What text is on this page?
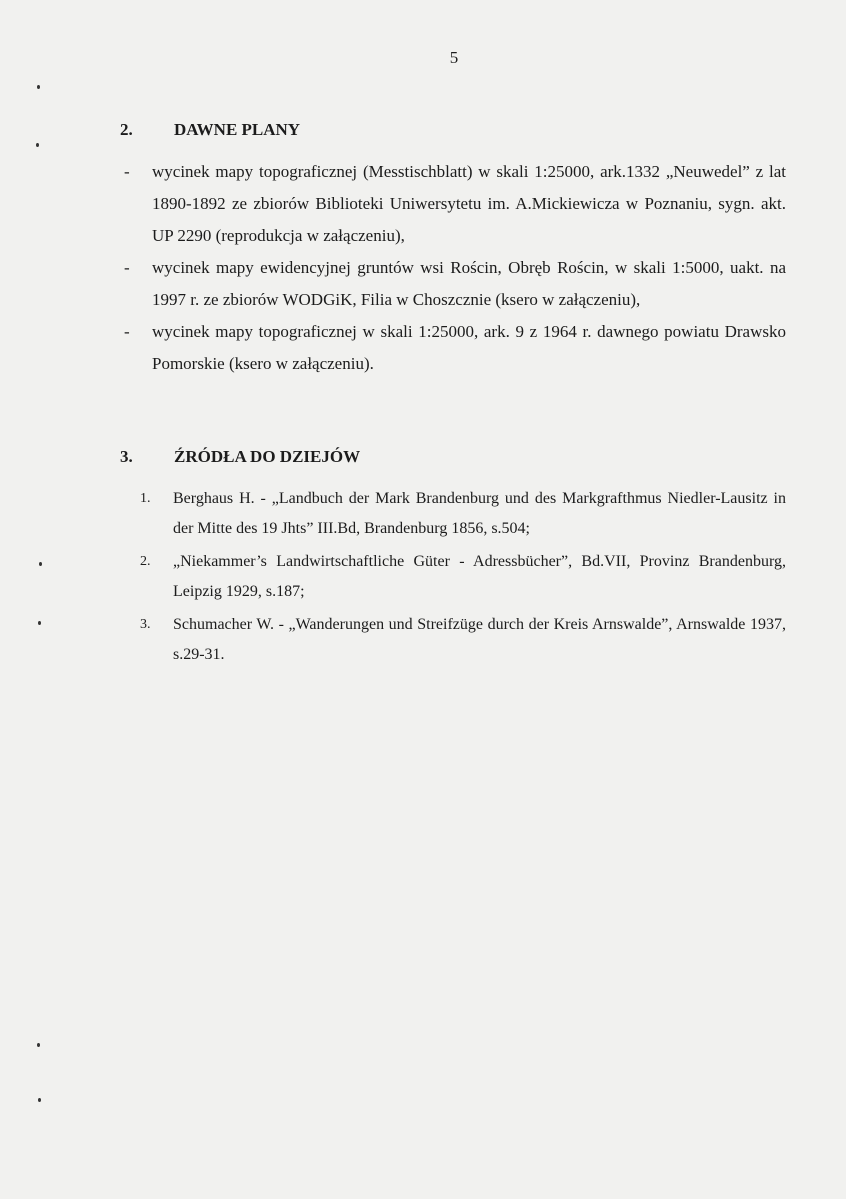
5
2. DAWNE PLANY
- wycinek mapy topograficznej (Messtischblatt) w skali 1:25000, ark.1332 „Neuwedel” z lat 1890-1892 ze zbiorów Biblioteki Uniwersytetu im. A.Mickiewicza w Poznaniu, sygn. akt. UP 2290 (reprodukcja w załączeniu),
- wycinek mapy ewidencyjnej gruntów wsi Rościn, Obręb Rościn, w skali 1:5000, uakt. na 1997 r. ze zbiorów WODGiK, Filia w Choszcznie (ksero w załączeniu),
- wycinek mapy topograficznej w skali 1:25000, ark. 9 z 1964 r. dawnego powiatu Drawsko Pomorskie (ksero w załączeniu).
3. ŹRÓDŁA DO DZIEJÓW
1. Berghaus H. - „Landbuch der Mark Brandenburg und des Markgrafthmus Niedler-Lausitz in der Mitte des 19 Jhts” III.Bd, Brandenburg 1856, s.504;
2. „Niekammer’s Landwirtschaftliche Güter - Adressbücher”, Bd.VII, Provinz Brandenburg, Leipzig 1929, s.187;
3. Schumacher W. - „Wanderungen und Streifzüge durch der Kreis Arnswalde”, Arnswalde 1937, s.29-31.
